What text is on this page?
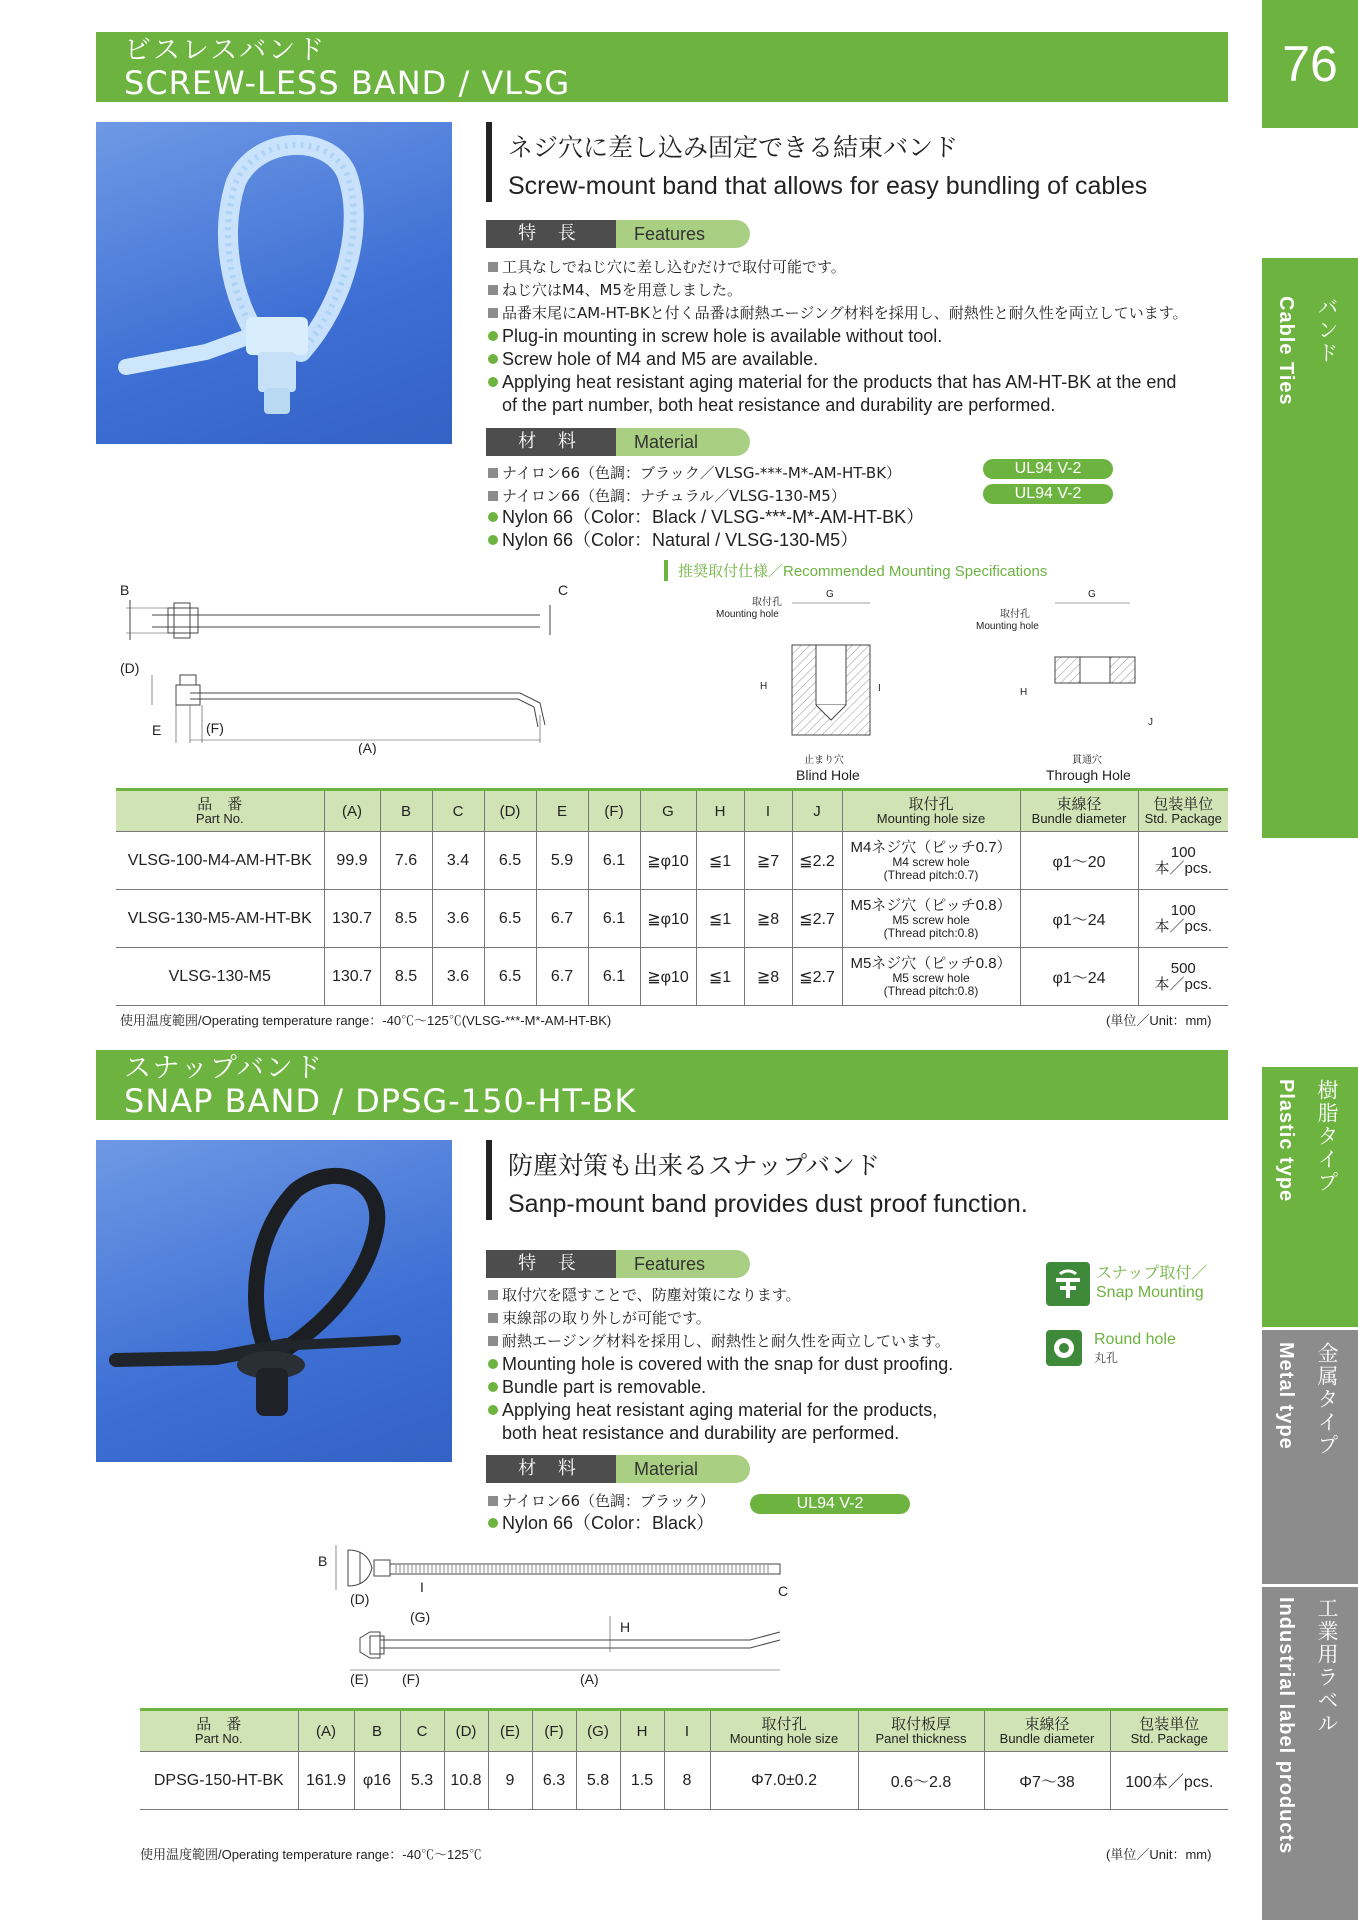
76
バンド
Cable Ties
樹脂タイプ
Plastic type
金属タイプ
Metal type
工業用ラベル
Industrial label products
ビスレスバンド
SCREW-LESS BAND / VLSG
ネジ穴に差し込み固定できる結束バンド
Screw-mount band that allows for easy bundling of cables
特 長	Features
工具なしでねじ穴に差し込むだけで取付可能です。
ねじ穴はM4、M5を用意しました。
品番末尾にAM-HT-BKと付く品番は耐熱エージング材料を採用し、耐熱性と耐久性を両立しています。
Plug-in mounting in screw hole is available without tool.
Screw hole of M4 and M5 are available.
Applying heat resistant aging material for the products that has AM-HT-BK at the end
of the part number, both heat resistance and durability are performed.
材 料	Material
ナイロン66（色調：ブラック／VLSG-***-M*-AM-HT-BK）
ナイロン66（色調：ナチュラル／VLSG-130-M5）
Nylon 66（Color：Black / VLSG-***-M*-AM-HT-BK）
Nylon 66（Color：Natural / VLSG-130-M5）
UL94 V-2
UL94 V-2
推奨取付仕様／Recommended Mounting Specifications
B	C
(D)
E	(F)
(A)
取付孔
Mounting hole
G
H	I
止まり穴
Blind Hole
取付孔
Mounting hole
G
H
J
貫通穴
Through Hole
品　番
Part No.	(A)	B	C	(D)	E	(F)	G	H	I	J	取付孔
Mounting hole size	束線径
Bundle diameter	包装単位
Std. Package

VLSG-100-M4-AM-HT-BK	99.9	7.6	3.4	6.5	5.9	6.1	≧φ10	≦1	≧7	≦2.2	M4ネジ穴（ピッチ0.7）
M4 screw hole
(Thread pitch:0.7)	φ1～20	100
本／pcs.

VLSG-130-M5-AM-HT-BK	130.7	8.5	3.6	6.5	6.7	6.1	≧φ10	≦1	≧8	≦2.7	M5ネジ穴（ピッチ0.8）
M5 screw hole
(Thread pitch:0.8)	φ1～24	100
本／pcs.

VLSG-130-M5	130.7	8.5	3.6	6.5	6.7	6.1	≧φ10	≦1	≧8	≦2.7	M5ネジ穴（ピッチ0.8）
M5 screw hole
(Thread pitch:0.8)	φ1～24	500
本／pcs.
使用温度範囲/Operating temperature range：-40℃～125℃(VLSG-***-M*-AM-HT-BK)	(単位／Unit：mm)
スナップバンド
SNAP BAND / DPSG-150-HT-BK
防塵対策も出来るスナップバンド
Sanp-mount band provides dust proof function.
特 長	Features
取付穴を隠すことで、防塵対策になります。
束線部の取り外しが可能です。
耐熱エージング材料を採用し、耐熱性と耐久性を両立しています。
Mounting hole is covered with the snap for dust proofing.
Bundle part is removable.
Applying heat resistant aging material for the products,
both heat resistance and durability are performed.
スナップ取付／
Snap Mounting
Round hole
丸孔
材 料	Material
ナイロン66（色調：ブラック）
Nylon 66（Color：Black）
UL94 V-2
B
(D)
I	C
(G)
H
(E) (F)	(A)
品　番
Part No.	(A)	B	C	(D)	(E)	(F)	(G)	H	I	取付孔
Mounting hole size	取付板厚
Panel thickness	束線径
Bundle diameter	包装単位
Std. Package

DPSG-150-HT-BK	161.9	φ16	5.3	10.8	9	6.3	5.8	1.5	8	Φ7.0±0.2	0.6～2.8	Φ7～38	100本／pcs.
使用温度範囲/Operating temperature range：-40℃～125℃	(単位／Unit：mm)
